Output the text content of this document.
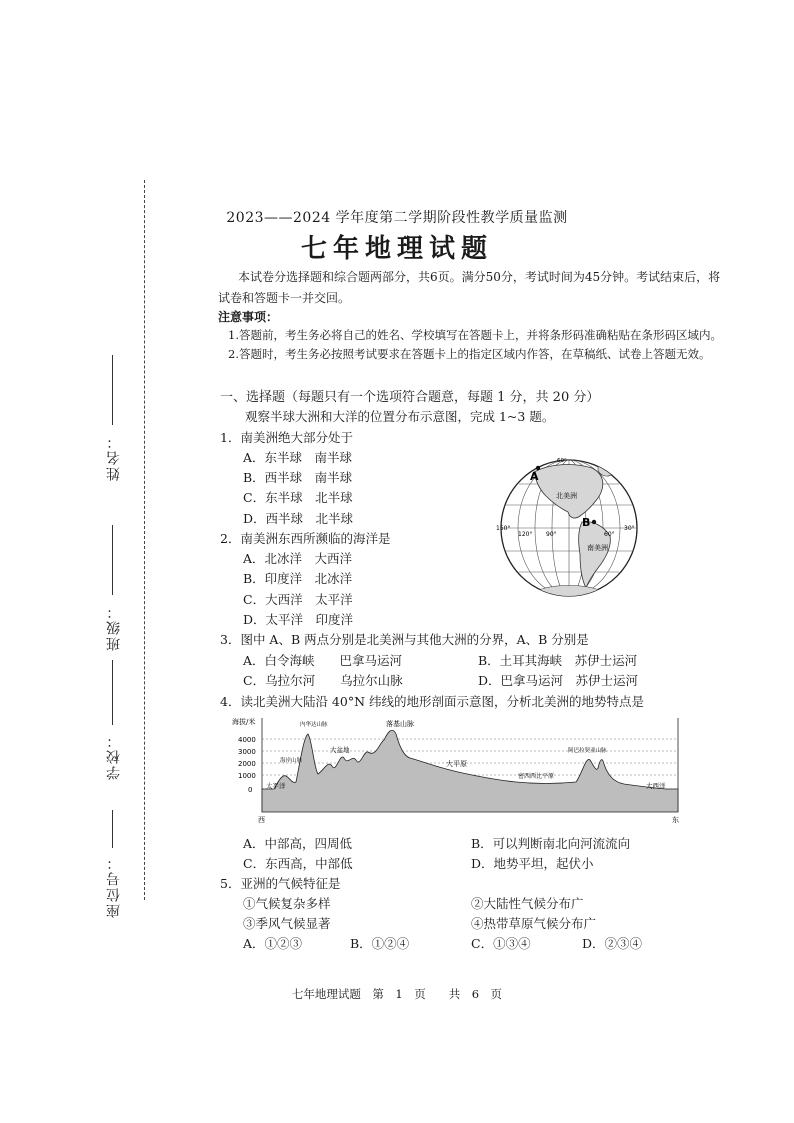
姓名：
班级：
学校：
座位号：
2023——2024 学年度第二学期阶段性教学质量监测
七年地理试题
本试卷分选择题和综合题两部分，共6页。满分50分，考试时间为45分钟。考试结束后，将
试卷和答题卡一并交回。
注意事项：
1.答题前，考生务必将自己的姓名、学校填写在答题卡上，并将条形码准确粘贴在条形码区域内。
2.答题时，考生务必按照考试要求在答题卡上的指定区域内作答，在草稿纸、试卷上答题无效。
一、选择题（每题只有一个选项符合题意，每题 1 分，共 20 分）
观察半球大洲和大洋的位置分布示意图，完成 1~3 题。
1．南美洲绝大部分处于
A．东半球　南半球
B．西半球　南半球
C．东半球　北半球
D．西半球　北半球
2．南美洲东西所濒临的海洋是
A．北冰洋　大西洋
B．印度洋　北冰洋
C．大西洋　太平洋
D．太平洋　印度洋
A
B
北美洲
南美洲
150°
120° 90°	60°
30°
60°
3．图中 A、B 两点分别是北美洲与其他大洲的分界，A、B 分别是
A．白令海峡　　巴拿马运河	B．土耳其海峡　苏伊士运河
C．乌拉尔河　　乌拉尔山脉	D．巴拿马运河　苏伊士运河
4．读北美洲大陆沿 40°N 纬线的地形剖面示意图，分析北美洲的地势特点是
海拔/米
4000
3000
2000
1000
0 太平洋	大西洋
海岸山脉
内华达山脉
大盆地
落基山脉
大平原
密西西比平原
阿巴拉契亚山脉
西	东
A．中部高，四周低	B．可以判断南北向河流流向
C．东西高，中部低	D．地势平坦，起伏小
5．亚洲的气候特征是
①气候复杂多样	②大陆性气候分布广
③季风气候显著	④热带草原气候分布广
A．①②③	B．①②④	C．①③④	D．②③④
七年地理试题　第　1　页　　共　6　页
